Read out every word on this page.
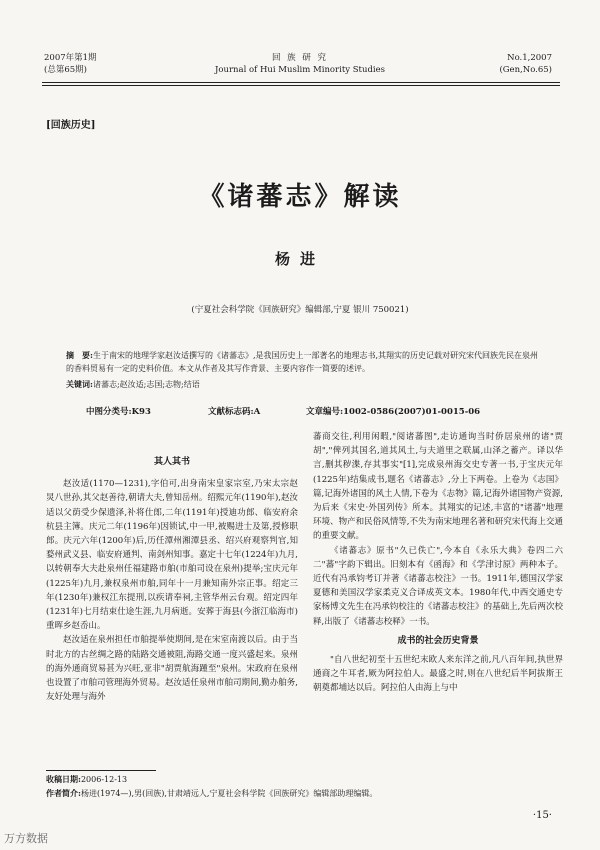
2007年第1期
(总第65期)
回 族 研 究
Journal of Hui Muslim Minority Studies
No.1,2007
(Gen,No.65)
[回族历史]
《诸蕃志》解读
杨进
(宁夏社会科学院《回族研究》编辑部,宁夏 银川 750021)
摘　要:生于南宋的地理学家赵汝适撰写的《诸蕃志》,是我国历史上一部著名的地理志书,其翔实的历史记载对研究宋代回族先民在泉州的香料贸易有一定的史料价值。本文从作者及其写作背景、主要内容作一简要的述评。
关键词:诸蕃志;赵汝适;志国;志物;结语
中图分类号:K93	文献标志码:A	文章编号:1002-0586(2007)01-0015-06

其人其书

赵汝适(1170—1231),字伯可,出身南宋皇家宗室,乃宋太宗赵炅八世孙,其父赵善待,朝请大夫,曾知岳州。绍熙元年(1190年),赵汝适以父荫受少保遗泽,补将仕郎,二年(1191年)授迪功郎、临安府余杭县主簿。庆元二年(1196年)因锁试,中一甲,被赐进士及第,授修职郎。庆元六年(1200年)后,历任潭州湘潭县丞、绍兴府观察判官,知婺州武义县、临安府通判、南剑州知事。嘉定十七年(1224年)九月,以转朝奉大夫赴泉州任福建路市舶(市舶司设在泉州)提举;宝庆元年(1225年)九月,兼权泉州市舶,同年十一月兼知南外宗正事。绍定三年(1230年)兼权江东提刑,以疾请奉祠,主管华州云台观。绍定四年(1231年)七月结束仕途生涯,九月病逝。安葬于海县(今浙江临海市)重晖乡赵岙山。

赵汝适在泉州担任市舶提举使期间,是在宋室南渡以后。由于当时北方的古丝绸之路的陆路交通被阻,海路交通一度兴盛起来。泉州的海外通商贸易甚为兴旺,亚非"胡贾航海踵至"泉州。宋政府在泉州也设置了市舶司管理海外贸易。赵汝适任泉州市舶司期间,勤办舶务,友好处理与海外

蕃商交往,利用闲暇,"阅诸蕃图",走访通询当时侨居泉州的诸"贾胡","俾列其国名,道其风土,与夫道里之联属,山泽之蓄产。译以华言,删其秽渫,存其事实"[1],完成泉州海交史专著一书,于宝庆元年(1225年)结集成书,题名《诸蕃志》,分上下两卷。上卷为《志国》篇,记海外诸国的风土人情,下卷为《志物》篇,记海外诸国物产资源,为后来《宋史·外国列传》所本。其翔实的记述,丰富的"诸蕃"地理环境、物产和民俗风情等,不失为南宋地理名著和研究宋代海上交通的重要文献。

《诸蕃志》原书"久已佚亡",今本自《永乐大典》卷四二六二"蕃"字韵下辑出。旧刻本有《函海》和《学津讨原》两种本子。近代有冯承钧考订并著《诸蕃志校注》一书。1911年,德国汉学家夏德和美国汉学家柔克义合译成英文本。1980年代,中西交通史专家杨博文先生在冯承钧校注的《诸蕃志校注》的基础上,先后两次校释,出版了《诸蕃志校释》一书。

成书的社会历史背景

"自八世纪初至十五世纪末欧人来东洋之前,凡八百年间,执世界通商之牛耳者,厥为阿拉伯人。最盛之时,则在八世纪后半阿拔斯王朝奠都埔达以后。阿拉伯人由海上与中

收稿日期:2006-12-13
作者简介:杨进(1974—),男(回族),甘肃靖远人,宁夏社会科学院《回族研究》编辑部助理编辑。
·15·
万方数据
